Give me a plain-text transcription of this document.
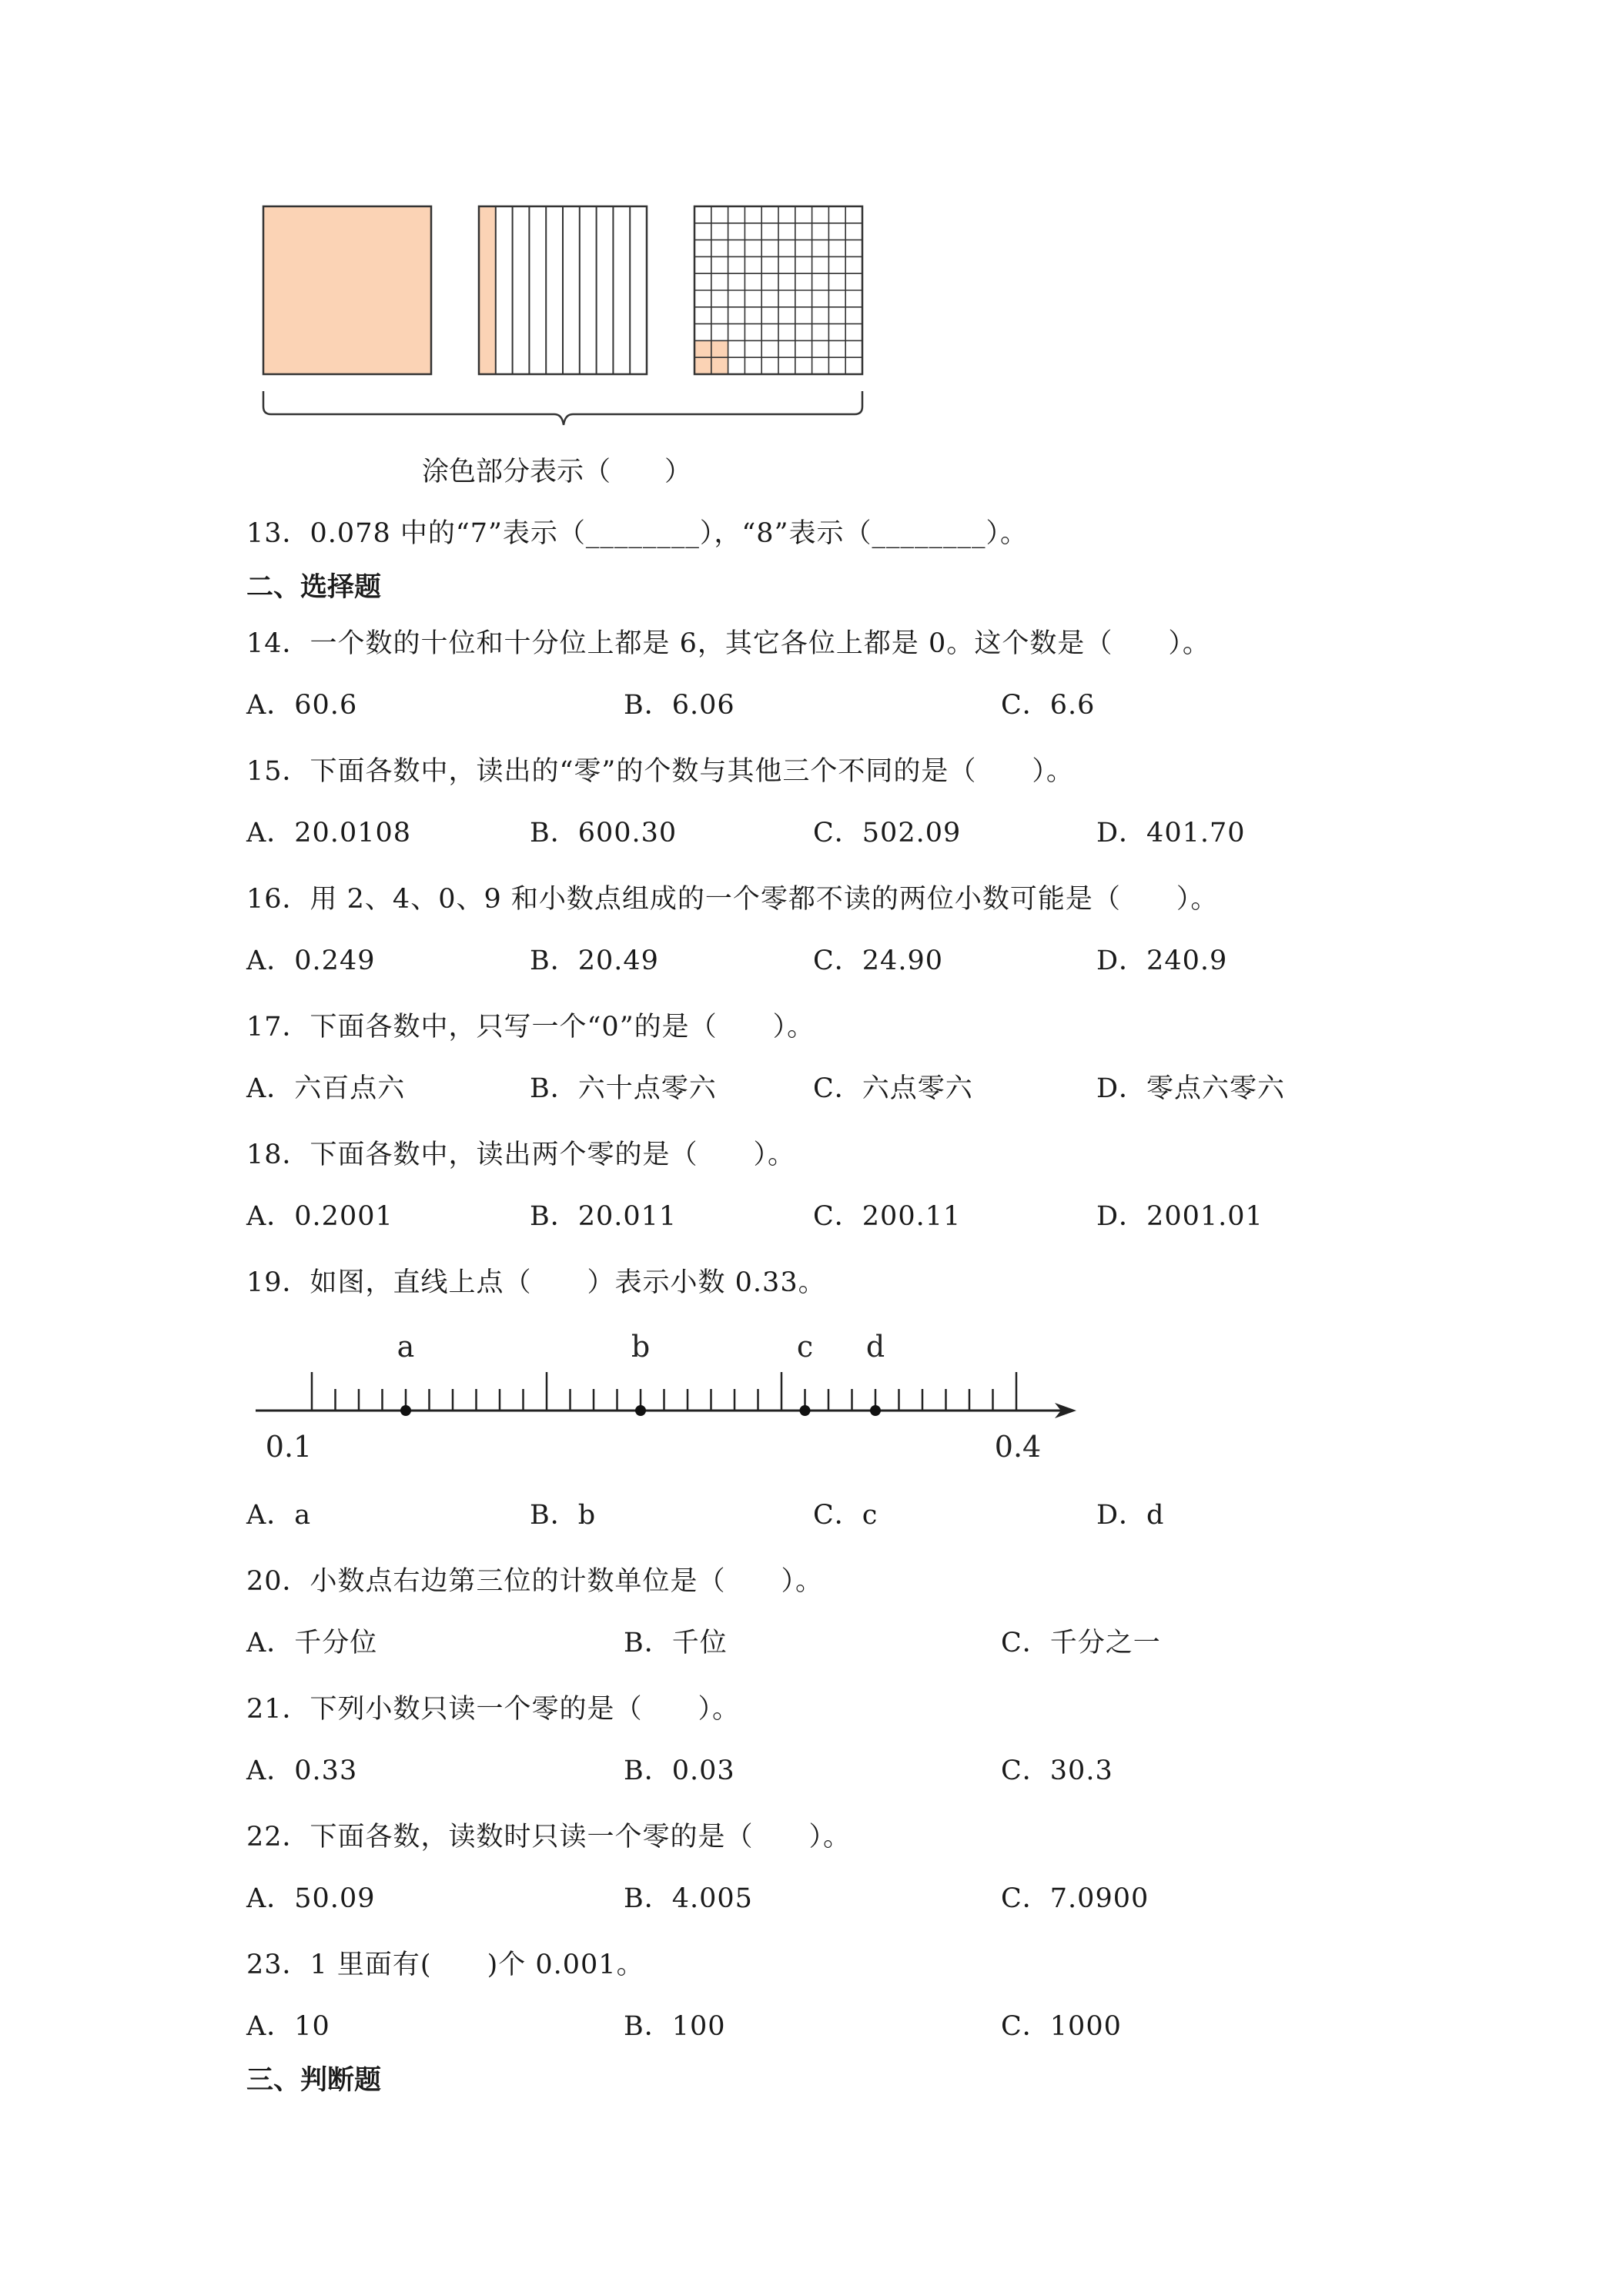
涂色部分表示（　　）
13．0.078 中的“7”表示（________），“8”表示（________）。
二、选择题
14．一个数的十位和十分位上都是 6，其它各位上都是 0。这个数是（　　）。
A．60.6	B．6.06	C．6.6
15．下面各数中，读出的“零”的个数与其他三个不同的是（　　）。
A．20.0108	B．600.30	C．502.09	D．401.70
16．用 2、4、0、9 和小数点组成的一个零都不读的两位小数可能是（　　）。
A．0.249	B．20.49	C．24.90	D．240.9
17．下面各数中，只写一个“0”的是（　　）。
A．六百点六	B．六十点零六	C．六点零六	D．零点六零六
18．下面各数中，读出两个零的是（　　）。
A．0.2001	B．20.011	C．200.11	D．2001.01
19．如图，直线上点（　　）表示小数 0.33。
a	b	c d
0.1	0.4
A．a	B．b	C．c	D．d
20．小数点右边第三位的计数单位是（　　）。
A．千分位	B．千位	C．千分之一
21．下列小数只读一个零的是（　　）。
A．0.33	B．0.03	C．30.3
22．下面各数，读数时只读一个零的是（　　）。
A．50.09	B．4.005	C．7.0900
23．1 里面有(　　)个 0.001。
A．10	B．100	C．1000
三、判断题
